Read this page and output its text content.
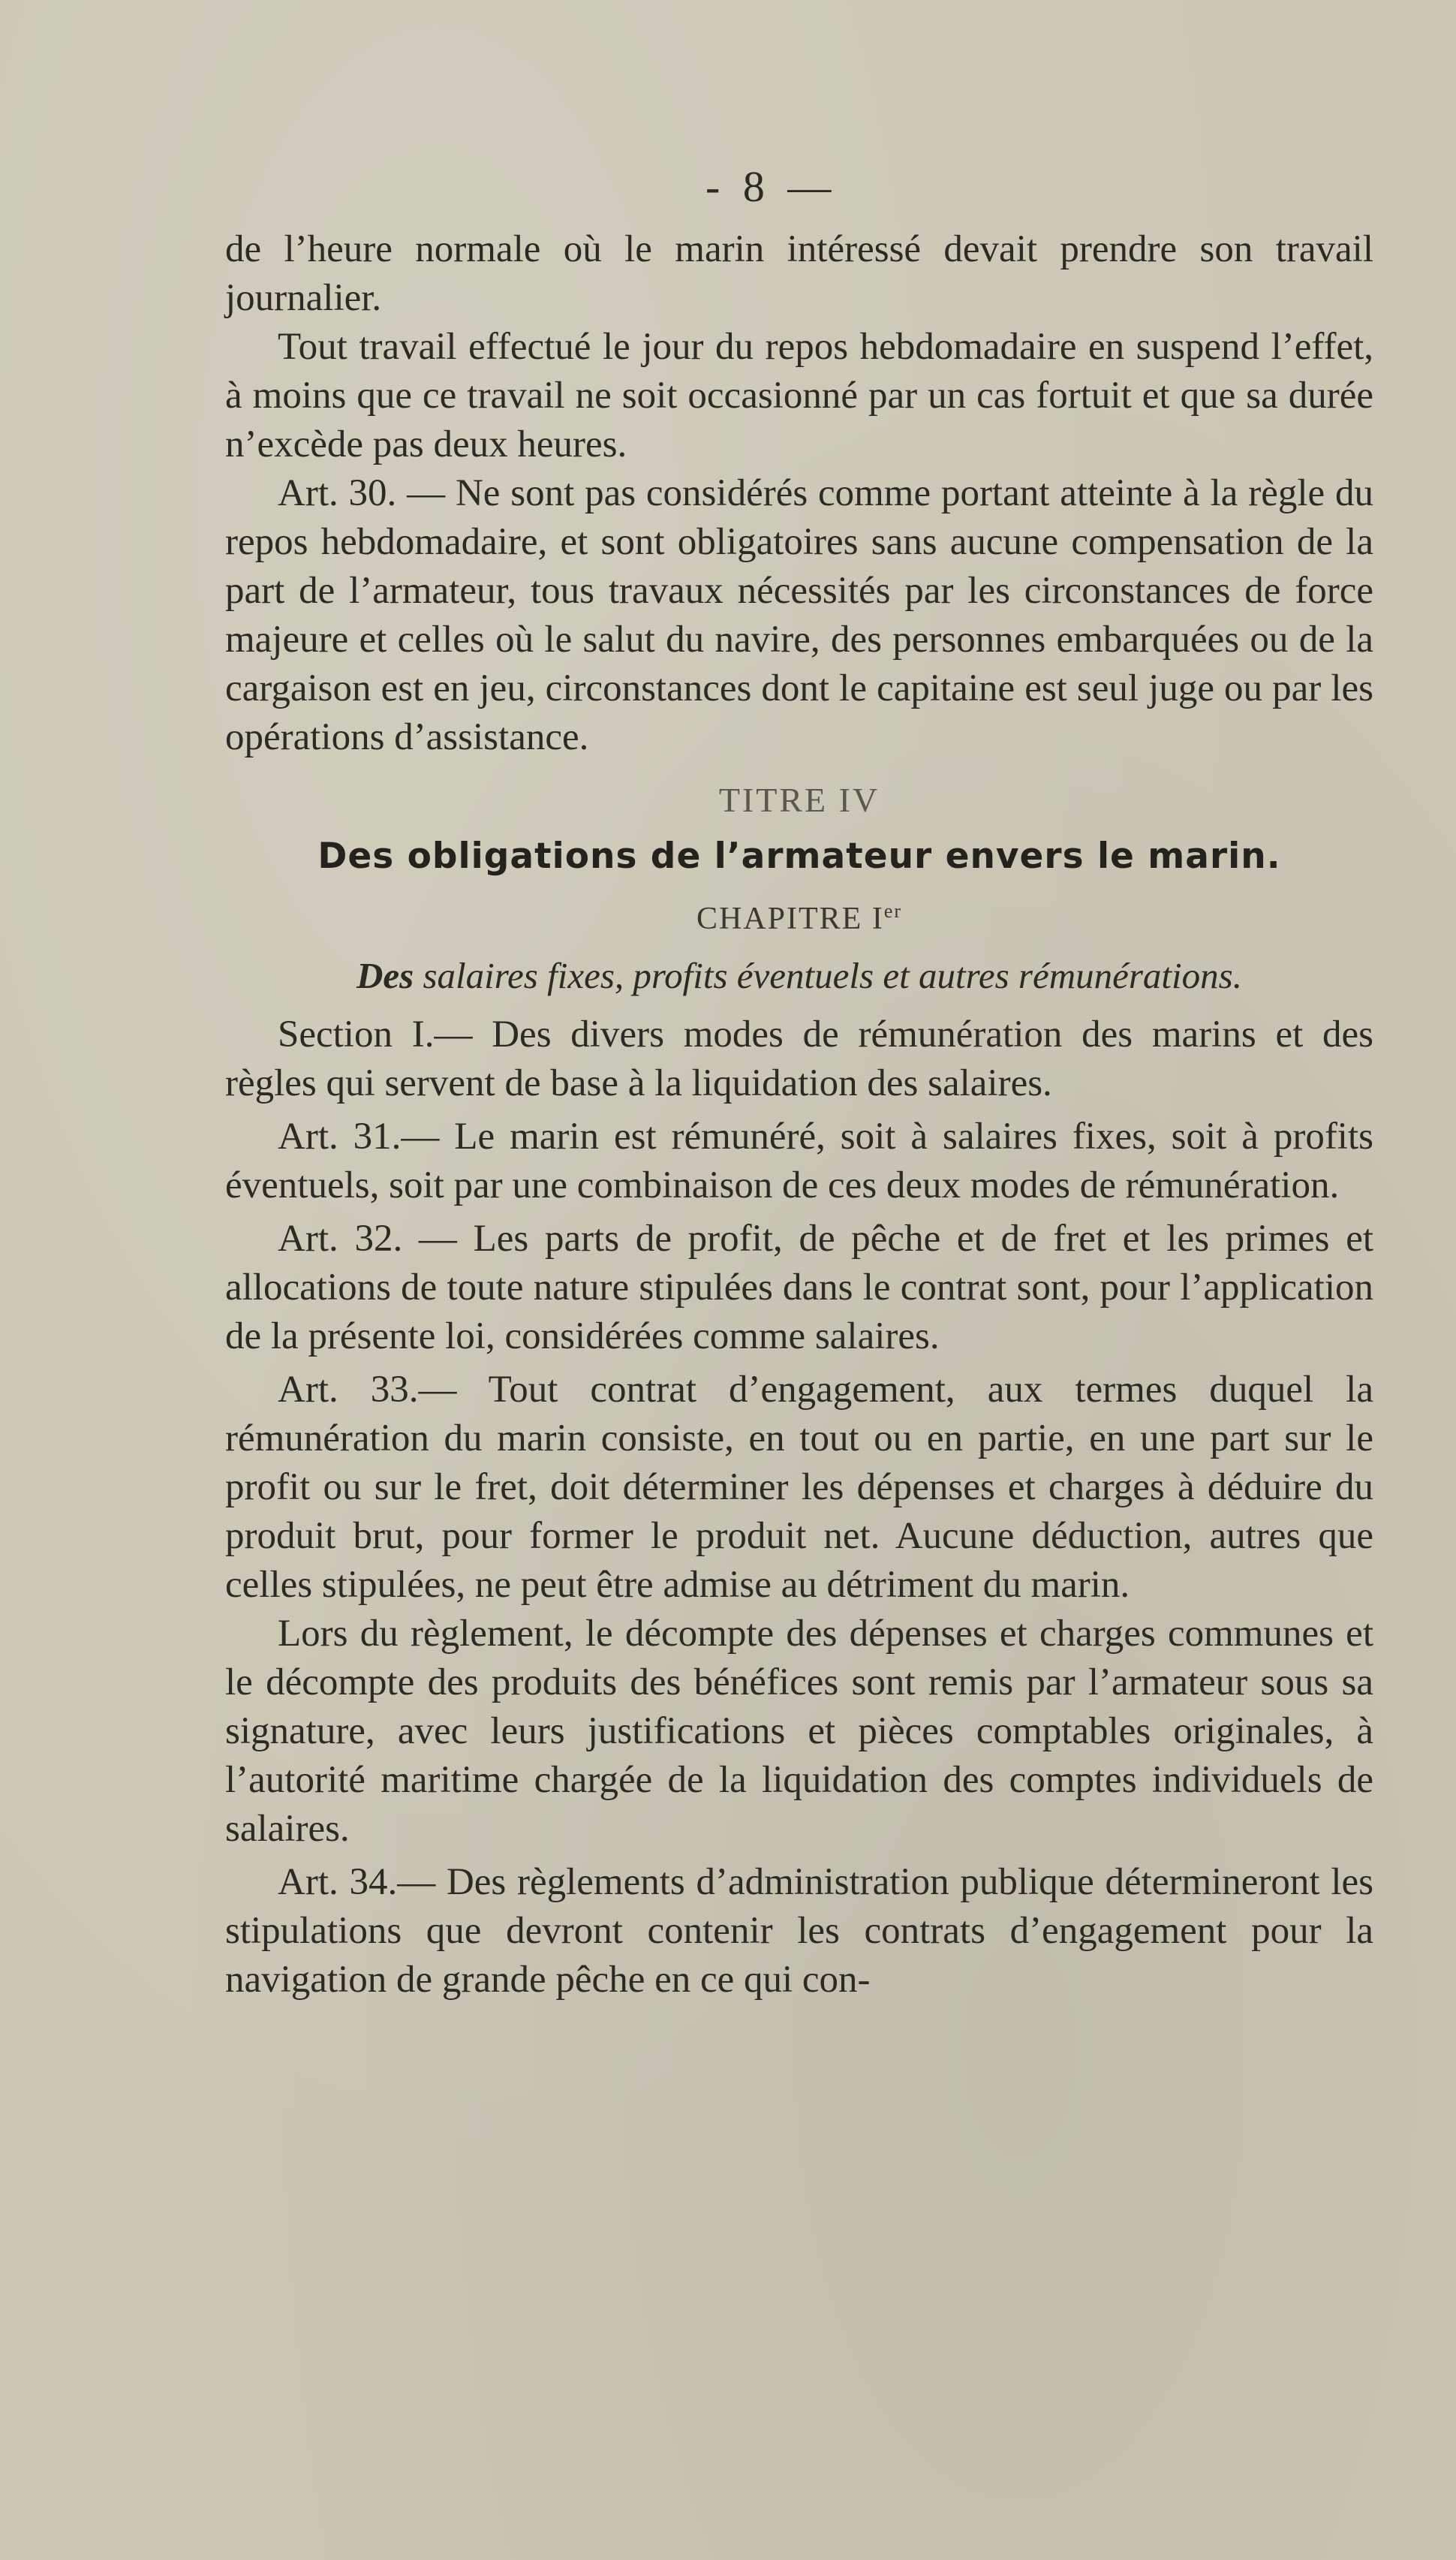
- 8 —

de l’heure normale où le marin intéressé devait prendre son travail journalier.

Tout travail effectué le jour du repos hebdomadaire en suspend l’effet, à moins que ce travail ne soit occasionné par un cas fortuit et que sa durée n’excède pas deux heures.

Art. 30. — Ne sont pas considérés comme portant atteinte à la règle du repos hebdomadaire, et sont obligatoires sans aucune compensation de la part de l’armateur, tous travaux nécessités par les circonstances de force majeure et celles où le salut du navire, des personnes embarquées ou de la cargaison est en jeu, circonstances dont le capitaine est seul juge ou par les opérations d’assistance.

TITRE IV

Des obligations de l’armateur envers le marin.

CHAPITRE Ier

Des salaires fixes, profits éventuels et autres rémunérations.

Section I.— Des divers modes de rémunération des marins et des règles qui servent de base à la liquidation des salaires.

Art. 31.— Le marin est rémunéré, soit à salaires fixes, soit à profits éventuels, soit par une combinaison de ces deux modes de rémunération.

Art. 32. — Les parts de profit, de pêche et de fret et les primes et allocations de toute nature stipulées dans le contrat sont, pour l’application de la présente loi, considérées comme salaires.

Art. 33.— Tout contrat d’engagement, aux termes duquel la rémunération du marin consiste, en tout ou en partie, en une part sur le profit ou sur le fret, doit déterminer les dépenses et charges à déduire du produit brut, pour former le produit net. Aucune déduction, autres que celles stipulées, ne peut être admise au détriment du marin.

Lors du règlement, le décompte des dépenses et charges communes et le décompte des produits des bénéfices sont remis par l’armateur sous sa signature, avec leurs justifications et pièces comptables originales, à l’autorité maritime chargée de la liquidation des comptes individuels de salaires.

Art. 34.— Des règlements d’administration publique détermineront les stipulations que devront contenir les contrats d’engagement pour la navigation de grande pêche en ce qui con-
